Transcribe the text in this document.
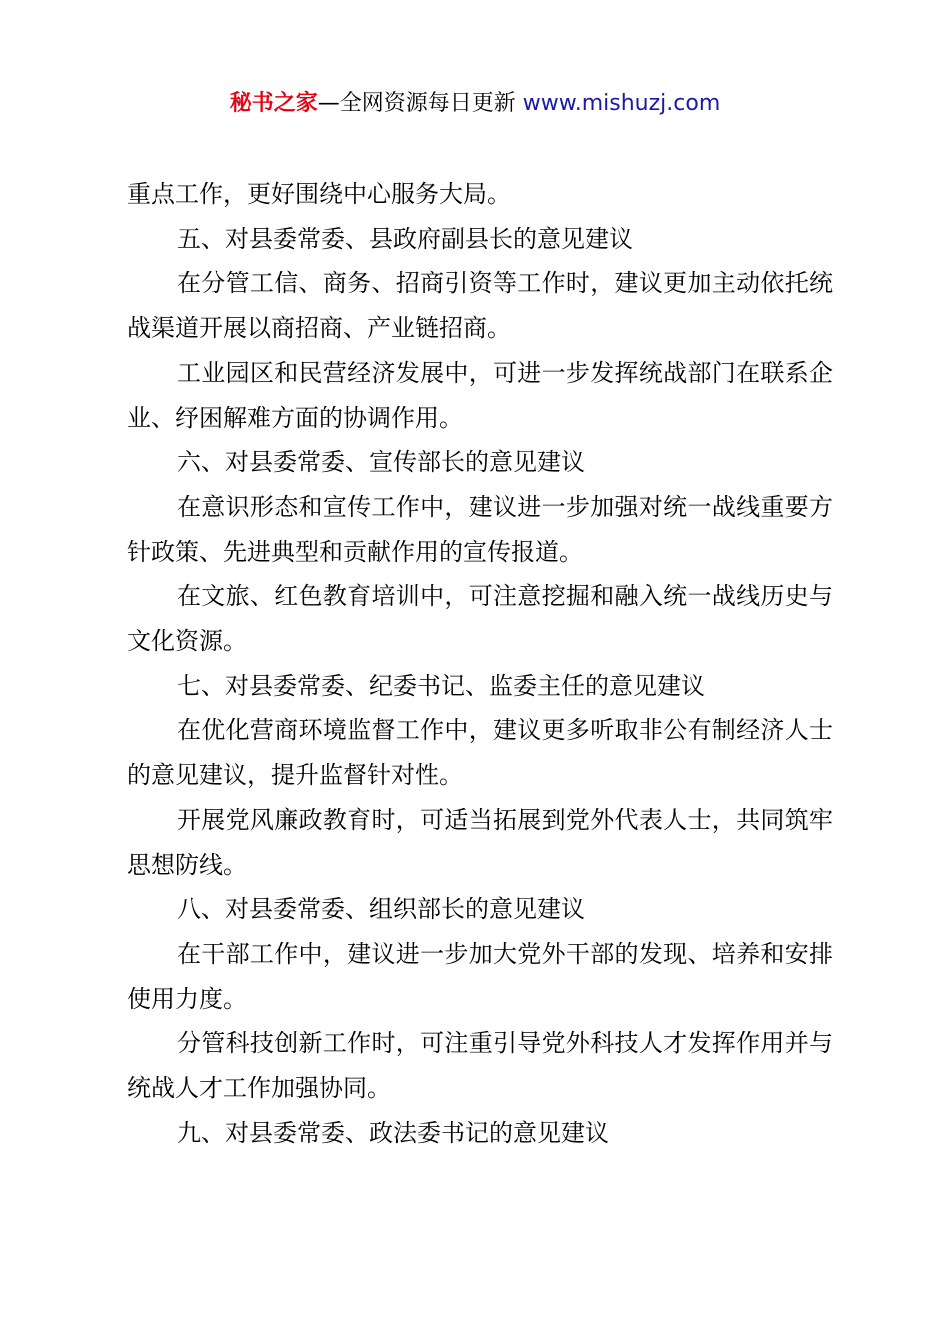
秘书之家—全网资源每日更新 www.mishuzj.com

重点工作，更好围绕中心服务大局。

五、对县委常委、县政府副县长的意见建议

在分管工信、商务、招商引资等工作时，建议更加主动依托统战渠道开展以商招商、产业链招商。

工业园区和民营经济发展中，可进一步发挥统战部门在联系企业、纾困解难方面的协调作用。

六、对县委常委、宣传部长的意见建议

在意识形态和宣传工作中，建议进一步加强对统一战线重要方针政策、先进典型和贡献作用的宣传报道。

在文旅、红色教育培训中，可注意挖掘和融入统一战线历史与文化资源。

七、对县委常委、纪委书记、监委主任的意见建议

在优化营商环境监督工作中，建议更多听取非公有制经济人士的意见建议，提升监督针对性。

开展党风廉政教育时，可适当拓展到党外代表人士，共同筑牢思想防线。

八、对县委常委、组织部长的意见建议

在干部工作中，建议进一步加大党外干部的发现、培养和安排使用力度。

分管科技创新工作时，可注重引导党外科技人才发挥作用并与统战人才工作加强协同。

九、对县委常委、政法委书记的意见建议
